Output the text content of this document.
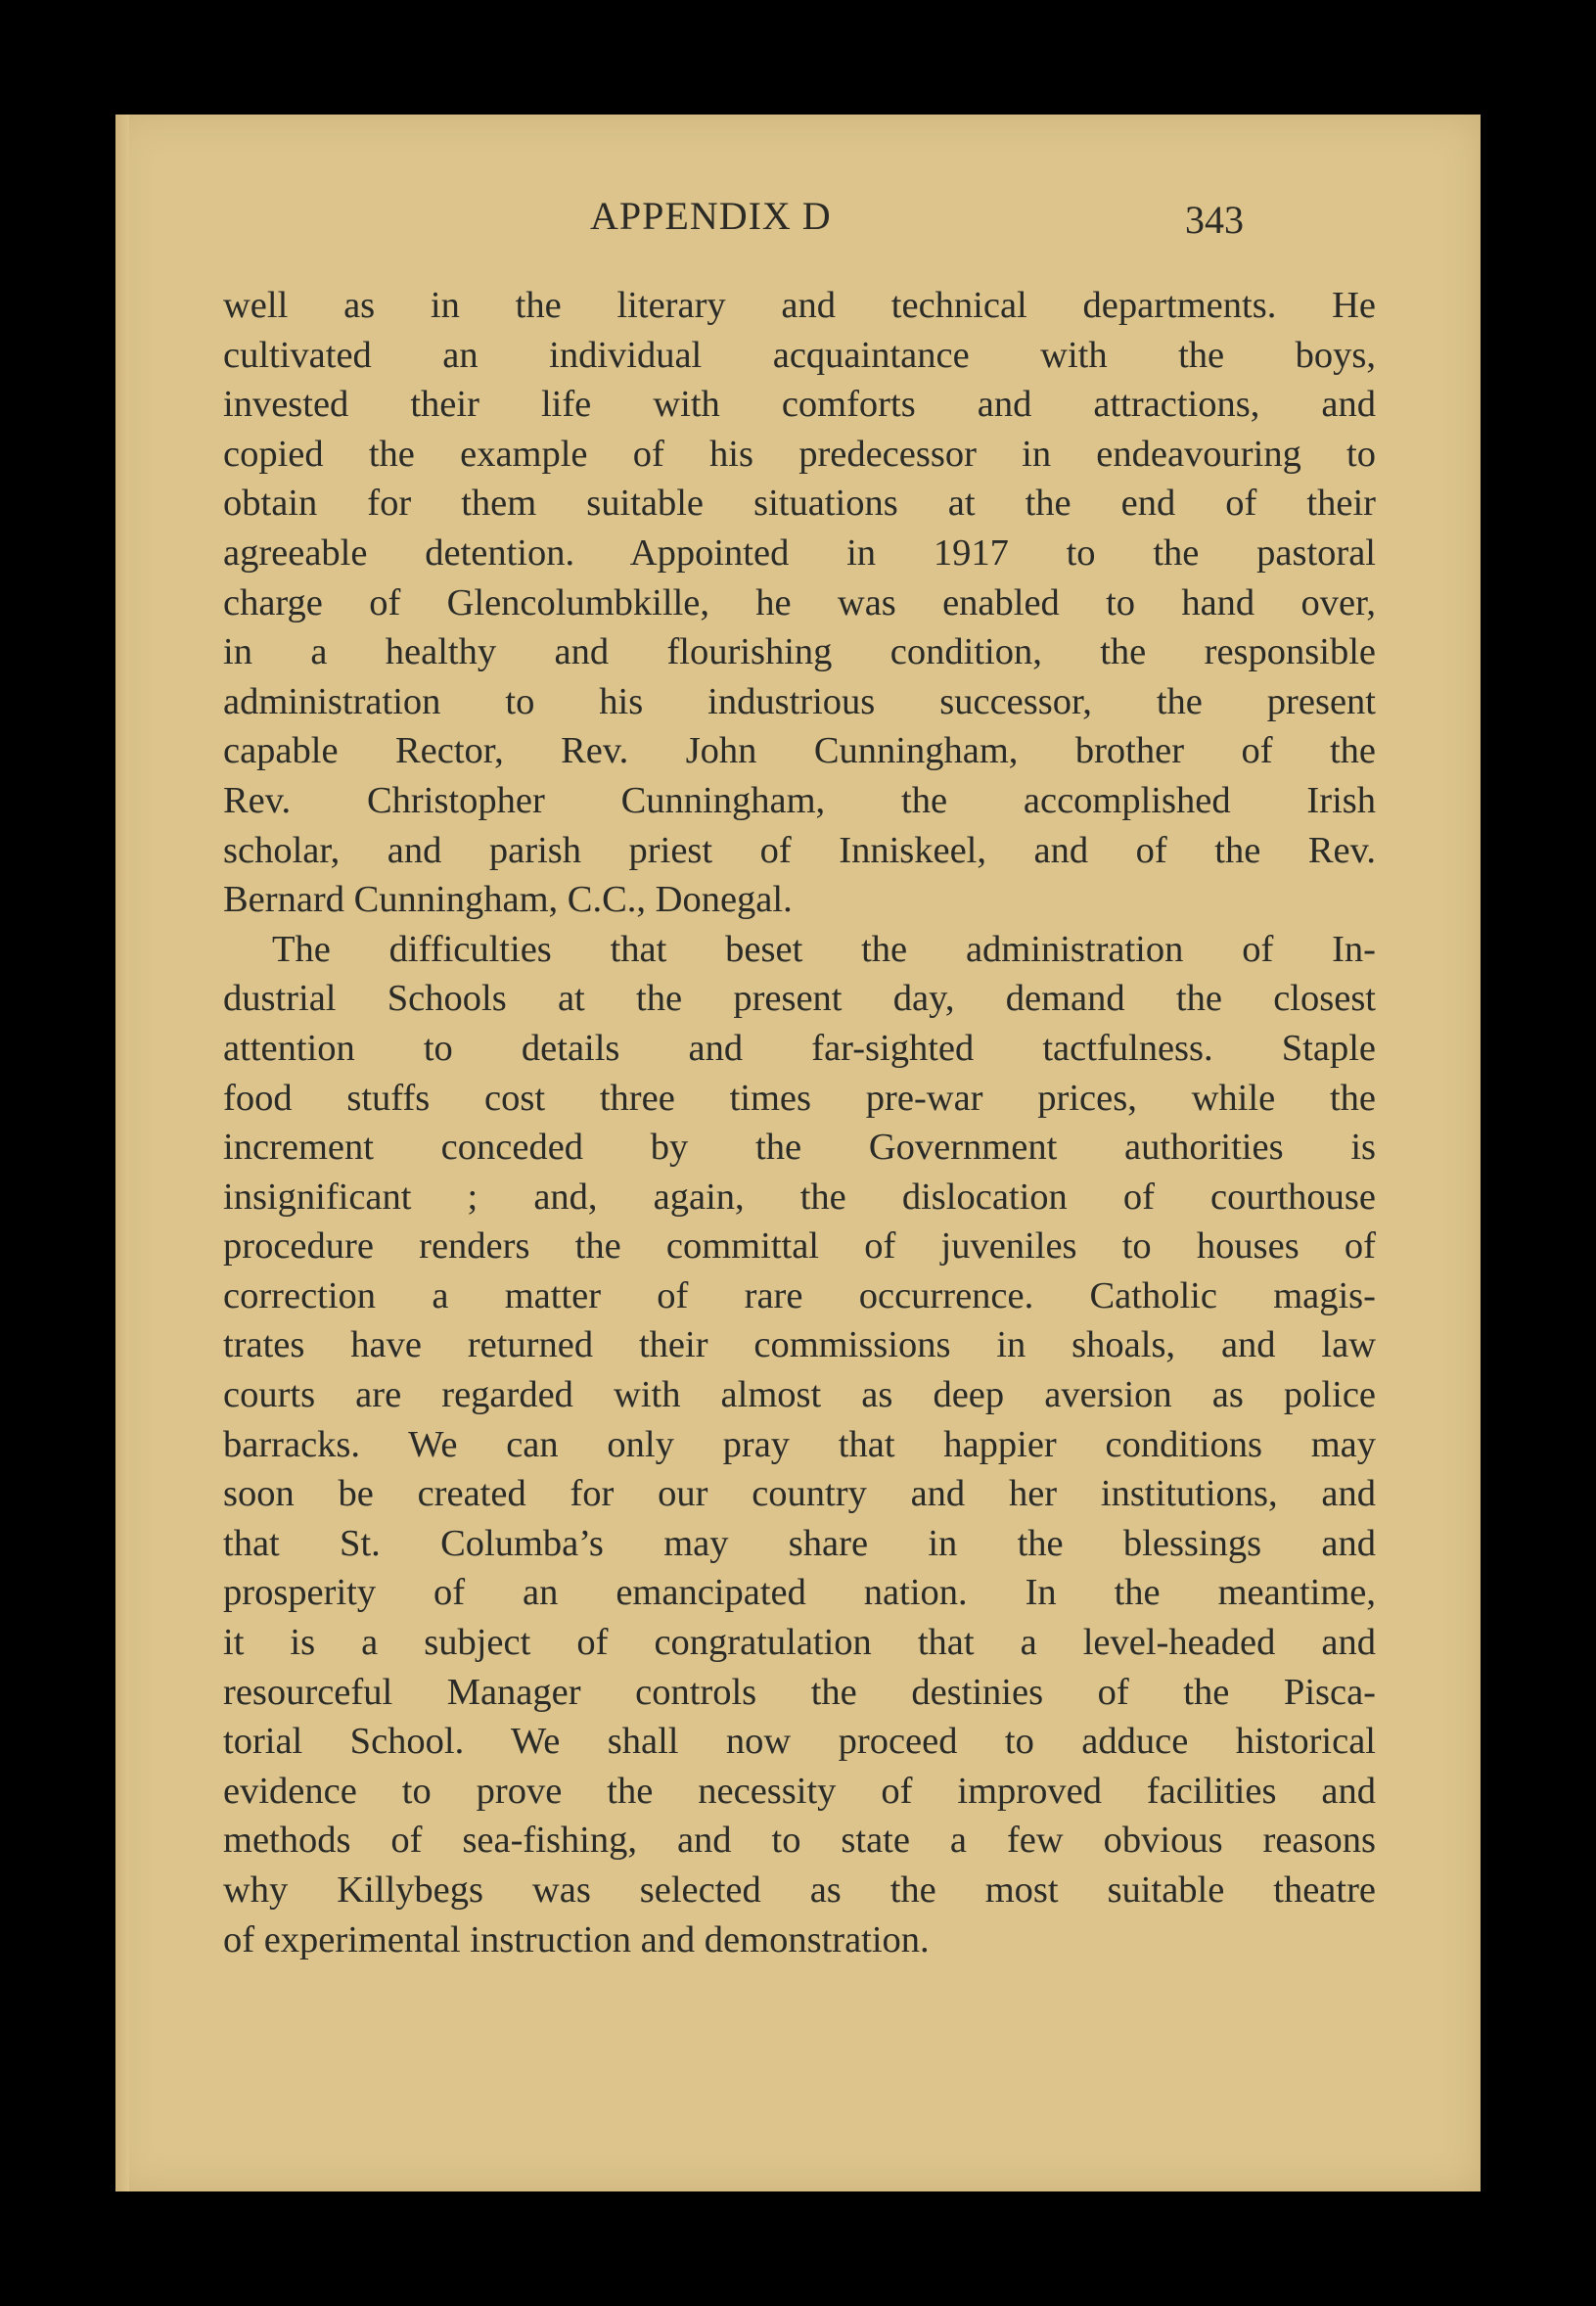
APPENDIX D	343
well as in the literary and technical departments. He
cultivated an individual acquaintance with the boys,
invested their life with comforts and attractions, and
copied the example of his predecessor in endeavouring to
obtain for them suitable situations at the end of their
agreeable detention. Appointed in 1917 to the pastoral
charge of Glencolumbkille, he was enabled to hand over,
in a healthy and flourishing condition, the responsible
administration to his industrious successor, the present
capable Rector, Rev. John Cunningham, brother of the
Rev. Christopher Cunningham, the accomplished Irish
scholar, and parish priest of Inniskeel, and of the Rev.
Bernard Cunningham, C.C., Donegal.
The difficulties that beset the administration of In-
dustrial Schools at the present day, demand the closest
attention to details and far-sighted tactfulness. Staple
food stuffs cost three times pre-war prices, while the
increment conceded by the Government authorities is
insignificant ; and, again, the dislocation of courthouse
procedure renders the committal of juveniles to houses of
correction a matter of rare occurrence. Catholic magis-
trates have returned their commissions in shoals, and law
courts are regarded with almost as deep aversion as police
barracks. We can only pray that happier conditions may
soon be created for our country and her institutions, and
that St. Columba’s may share in the blessings and
prosperity of an emancipated nation. In the meantime,
it is a subject of congratulation that a level-headed and
resourceful Manager controls the destinies of the Pisca-
torial School. We shall now proceed to adduce historical
evidence to prove the necessity of improved facilities and
methods of sea-fishing, and to state a few obvious reasons
why Killybegs was selected as the most suitable theatre
of experimental instruction and demonstration.
